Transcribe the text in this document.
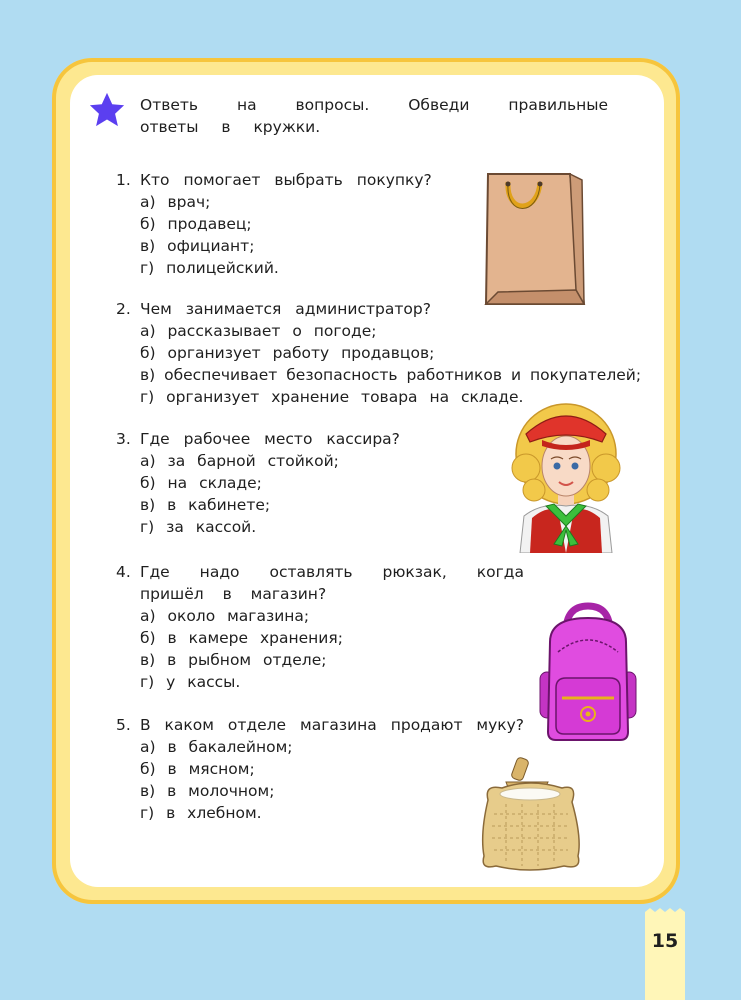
Ответь на вопросы. Обведи правильные ответы в кружки.
1. Кто помогает выбрать покупку?
а) врач;
б) продавец;
в) официант;
г) полицейский.
2. Чем занимается администратор?
а) рассказывает о погоде;
б) организует работу продавцов;
в) обеспечивает безопасность работников и покупателей;
г) организует хранение товара на складе.
3. Где рабочее место кассира?
а) за барной стойкой;
б) на складе;
в) в кабинете;
г) за кассой.
4. Где надо оставлять рюкзак, когда пришёл в магазин?
а) около магазина;
б) в камере хранения;
в) в рыбном отделе;
г) у кассы.
5. В каком отделе магазина продают муку?
а) в бакалейном;
б) в мясном;
в) в молочном;
г) в хлебном.
15
